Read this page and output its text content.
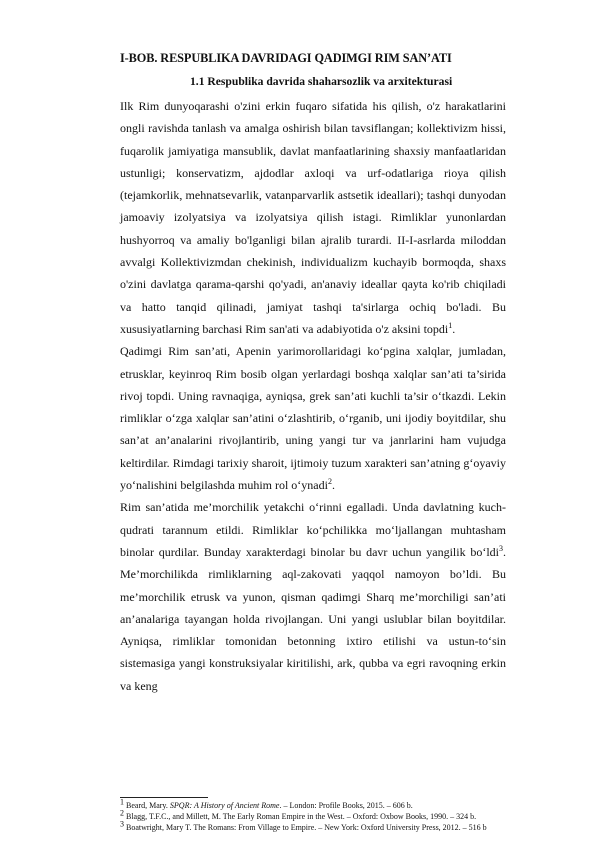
I-BOB. RESPUBLIKA DAVRIDAGI QADIMGI RIM SAN’ATI
1.1 Respublika davrida shaharsozlik va arxitekturasi

Ilk Rim dunyoqarashi o'zini erkin fuqaro sifatida his qilish, o'z harakatlarini ongli ravishda tanlash va amalga oshirish bilan tavsiflangan; kollektivizm hissi, fuqarolik jamiyatiga mansublik, davlat manfaatlarining shaxsiy manfaatlaridan ustunligi; konservatizm, ajdodlar axloqi va urf-odatlariga rioya qilish (tejamkorlik, mehnatsevarlik, vatanparvarlik astsetik ideallari); tashqi dunyodan jamoaviy izolyatsiya va izolyatsiya qilish istagi. Rimliklar yunonlardan hushyorroq va amaliy bo'lganligi bilan ajralib turardi. II-I-asrlarda miloddan avvalgi Kollektivizmdan chekinish, individualizm kuchayib bormoqda, shaxs o'zini davlatga qarama-qarshi qo'yadi, an'anaviy ideallar qayta ko'rib chiqiladi va hatto tanqid qilinadi, jamiyat tashqi ta'sirlarga ochiq bo'ladi. Bu xususiyatlarning barchasi Rim san'ati va adabiyotida o'z aksini topdi$^1$.

Qadimgi Rim san’ati, Apenin yarimorollaridagi ko‘pgina xalqlar, jumladan, etrusklar, keyinroq Rim bosib olgan yerlardagi boshqa xalqlar san’ati ta’sirida rivoj topdi. Uning ravnaqiga, ayniqsa, grek san’ati kuchli ta’sir o‘tkazdi. Lekin rimliklar o‘zga xalqlar san’atini o‘zlashtirib, o‘rganib, uni ijodiy boyitdilar, shu san’at an’analarini rivojlantirib, uning yangi tur va janrlarini ham vujudga keltirdilar. Rimdagi tarixiy sharoit, ijtimoiy tuzum xarakteri san’atning g‘oyaviy yo‘nalishini belgilashda muhim rol o‘ynadi$^2$.

Rim san’atida me’morchilik yetakchi o‘rinni egalladi. Unda davlatning kuch-qudrati tarannum etildi. Rimliklar ko‘pchilikka mo‘ljallangan muhtasham binolar qurdilar. Bunday xarakterdagi binolar bu davr uchun yangilik bo‘ldi$^3$. Me’morchilikda rimliklarning aql-zakovati yaqqol namoyon bo’ldi. Bu me’morchilik etrusk va yunon, qisman qadimgi Sharq me’morchiligi san’ati an’analariga tayangan holda rivojlangan. Uni yangi uslublar bilan boyitdilar. Ayniqsa, rimliklar tomonidan betonning ixtiro etilishi va ustun-to‘sin sistemasiga yangi konstruksiyalar kiritilishi, ark, qubba va egri ravoqning erkin va keng

$^1$ Beard, Mary. SPQR: A History of Ancient Rome. – London: Profile Books, 2015. – 606 b.

$^2$ Blagg, T.F.C., and Millett, M. The Early Roman Empire in the West. – Oxford: Oxbow Books, 1990. – 324 b.

$^3$ Boatwright, Mary T. The Romans: From Village to Empire. – New York: Oxford University Press, 2012. – 516 b
